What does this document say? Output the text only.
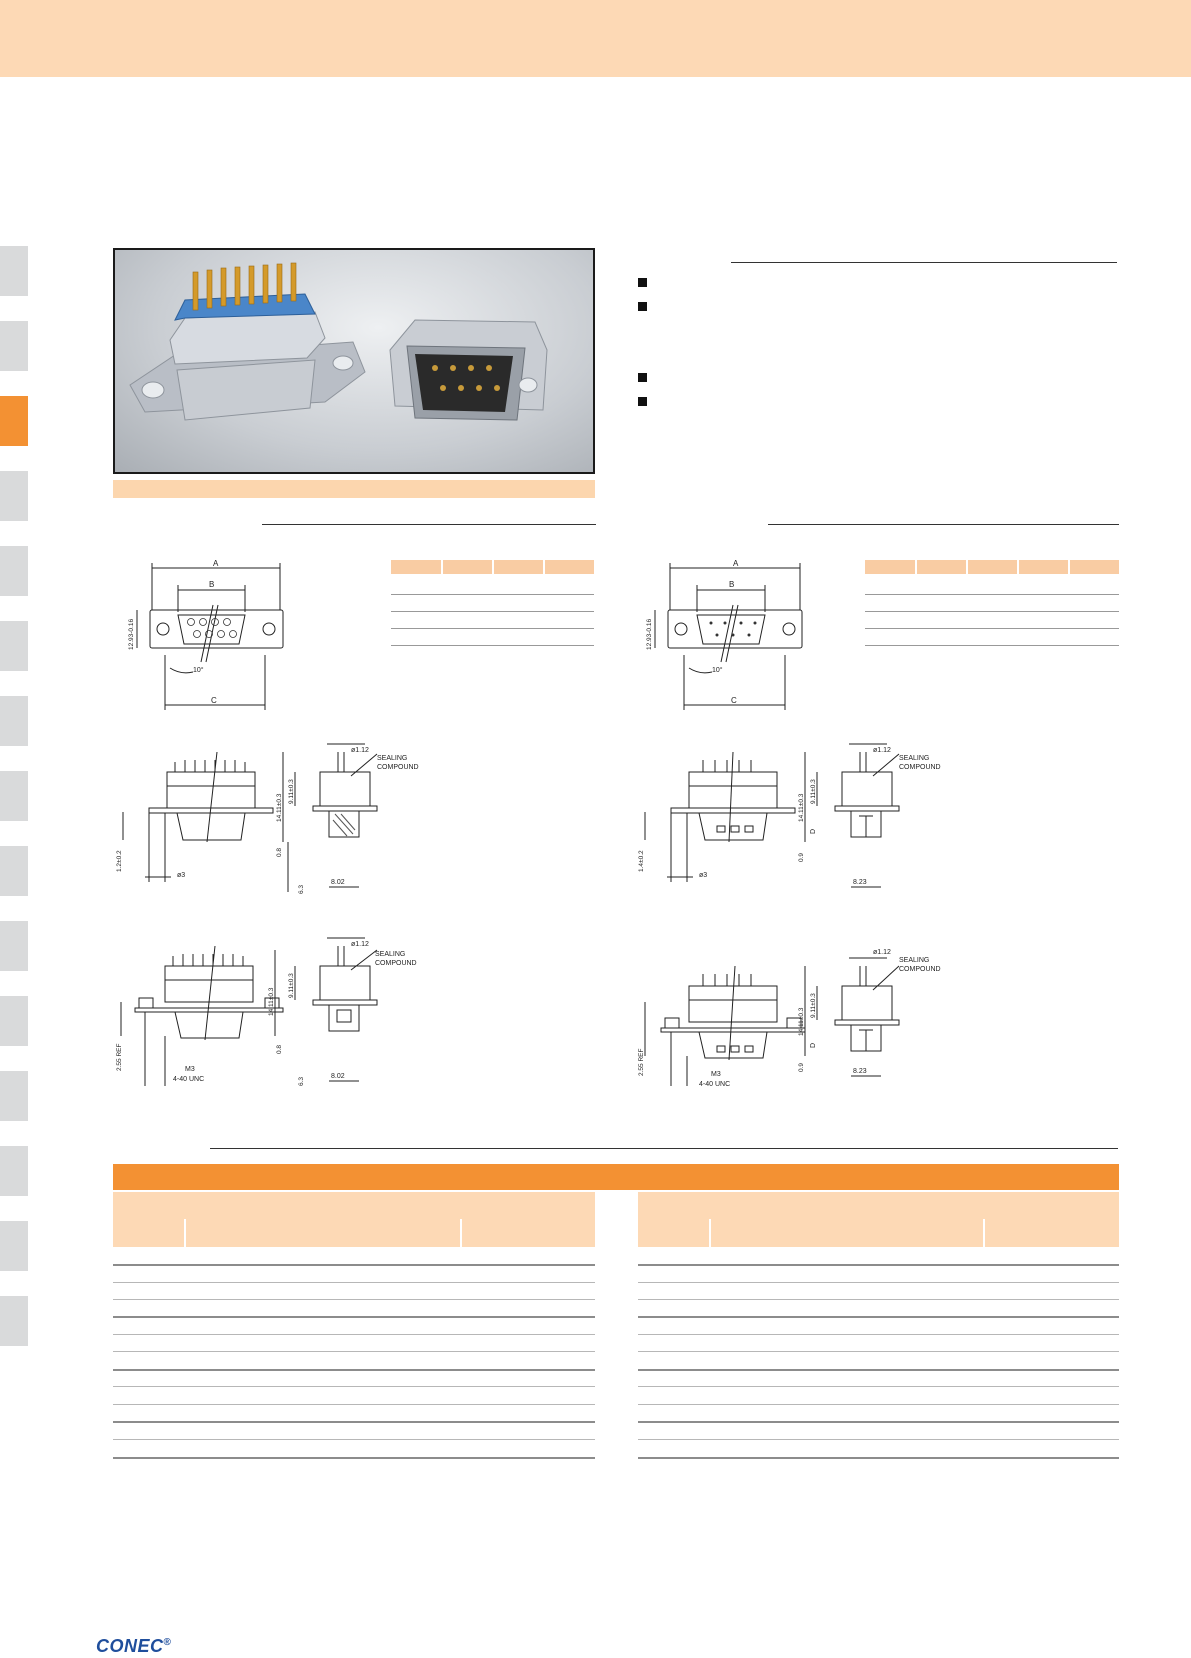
A
B
C
10°
12.93-0.16
A
B
C
10°
12.93-0.16
ø1.12
SEALING
COMPOUND
14.11±0.3
9.11±0.3
0.8
6.3
8.02
ø3
1.2±0.2
ø1.12
SEALING
COMPOUND
14.11±0.3
9.11±0.3
0.9
D
8.23
ø3
1.4±0.2
ø1.12
SEALING
COMPOUND
14.11±0.3
9.11±0.3
0.8
6.3
8.02
M3
4-40 UNC
2.55 REF
ø1.12
SEALING
COMPOUND
14.11±0.3
9.11±0.3
0.9
D
8.23
M3
4-40 UNC
2.55 REF
CONEC®
